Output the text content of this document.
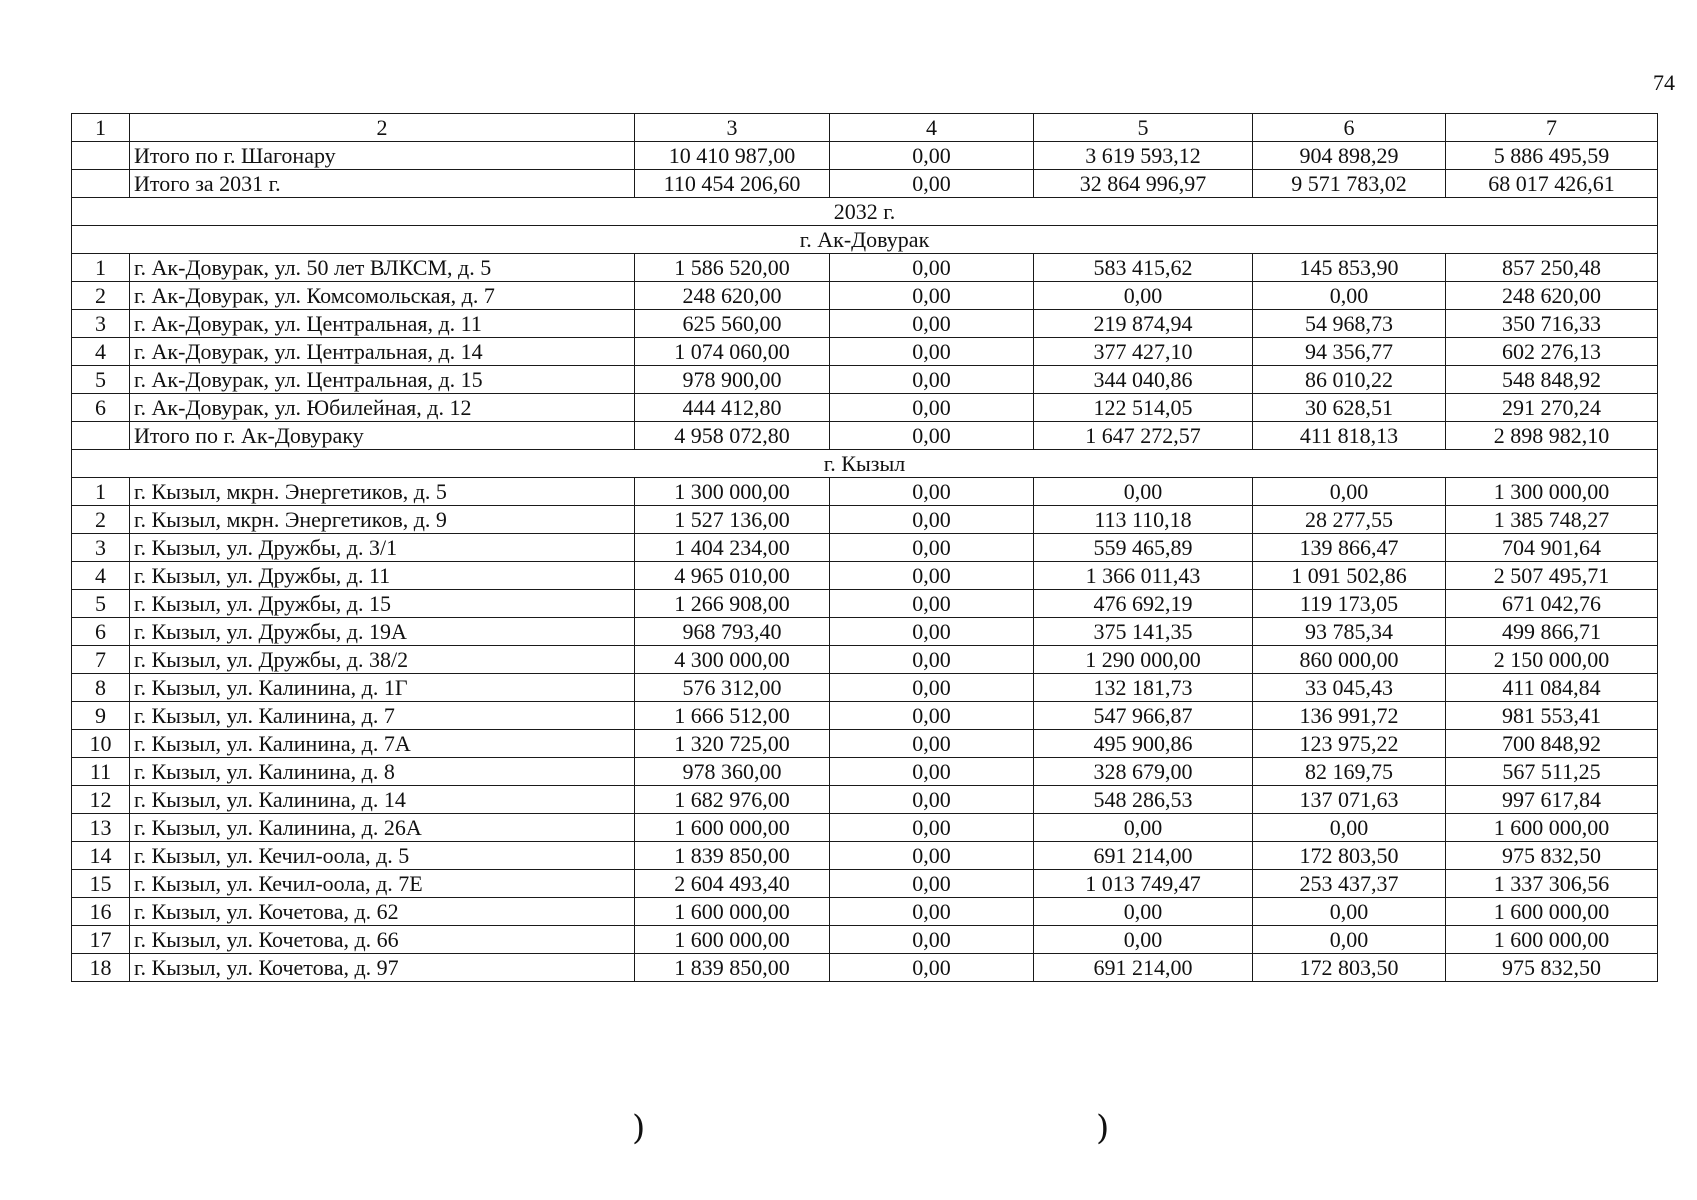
74
1	2	3	4	5	6	7
	Итого по г. Шагонару	10 410 987,00	0,00	3 619 593,12	904 898,29	5 886 495,59
	Итого за 2031 г.	110 454 206,60	0,00	32 864 996,97	9 571 783,02	68 017 426,61
2032 г.						
г. Ак-Довурак						
1	г. Ак-Довурак, ул. 50 лет ВЛКСМ, д. 5	1 586 520,00	0,00	583 415,62	145 853,90	857 250,48
2	г. Ак-Довурак, ул. Комсомольская, д. 7	248 620,00	0,00	0,00	0,00	248 620,00
3	г. Ак-Довурак, ул. Центральная, д. 11	625 560,00	0,00	219 874,94	54 968,73	350 716,33
4	г. Ак-Довурак, ул. Центральная, д. 14	1 074 060,00	0,00	377 427,10	94 356,77	602 276,13
5	г. Ак-Довурак, ул. Центральная, д. 15	978 900,00	0,00	344 040,86	86 010,22	548 848,92
6	г. Ак-Довурак, ул. Юбилейная, д. 12	444 412,80	0,00	122 514,05	30 628,51	291 270,24
	Итого по г. Ак-Довураку	4 958 072,80	0,00	1 647 272,57	411 818,13	2 898 982,10
г. Кызыл						
1	г. Кызыл, мкрн. Энергетиков, д. 5	1 300 000,00	0,00	0,00	0,00	1 300 000,00
2	г. Кызыл, мкрн. Энергетиков, д. 9	1 527 136,00	0,00	113 110,18	28 277,55	1 385 748,27
3	г. Кызыл, ул. Дружбы, д. 3/1	1 404 234,00	0,00	559 465,89	139 866,47	704 901,64
4	г. Кызыл, ул. Дружбы, д. 11	4 965 010,00	0,00	1 366 011,43	1 091 502,86	2 507 495,71
5	г. Кызыл, ул. Дружбы, д. 15	1 266 908,00	0,00	476 692,19	119 173,05	671 042,76
6	г. Кызыл, ул. Дружбы, д. 19А	968 793,40	0,00	375 141,35	93 785,34	499 866,71
7	г. Кызыл, ул. Дружбы, д. 38/2	4 300 000,00	0,00	1 290 000,00	860 000,00	2 150 000,00
8	г. Кызыл, ул. Калинина, д. 1Г	576 312,00	0,00	132 181,73	33 045,43	411 084,84
9	г. Кызыл, ул. Калинина, д. 7	1 666 512,00	0,00	547 966,87	136 991,72	981 553,41
10	г. Кызыл, ул. Калинина, д. 7А	1 320 725,00	0,00	495 900,86	123 975,22	700 848,92
11	г. Кызыл, ул. Калинина, д. 8	978 360,00	0,00	328 679,00	82 169,75	567 511,25
12	г. Кызыл, ул. Калинина, д. 14	1 682 976,00	0,00	548 286,53	137 071,63	997 617,84
13	г. Кызыл, ул. Калинина, д. 26А	1 600 000,00	0,00	0,00	0,00	1 600 000,00
14	г. Кызыл, ул. Кечил-оола, д. 5	1 839 850,00	0,00	691 214,00	172 803,50	975 832,50
15	г. Кызыл, ул. Кечил-оола, д. 7Е	2 604 493,40	0,00	1 013 749,47	253 437,37	1 337 306,56
16	г. Кызыл, ул. Кочетова, д. 62	1 600 000,00	0,00	0,00	0,00	1 600 000,00
17	г. Кызыл, ул. Кочетова, д. 66	1 600 000,00	0,00	0,00	0,00	1 600 000,00
18	г. Кызыл, ул. Кочетова, д. 97	1 839 850,00	0,00	691 214,00	172 803,50	975 832,50
)	)
